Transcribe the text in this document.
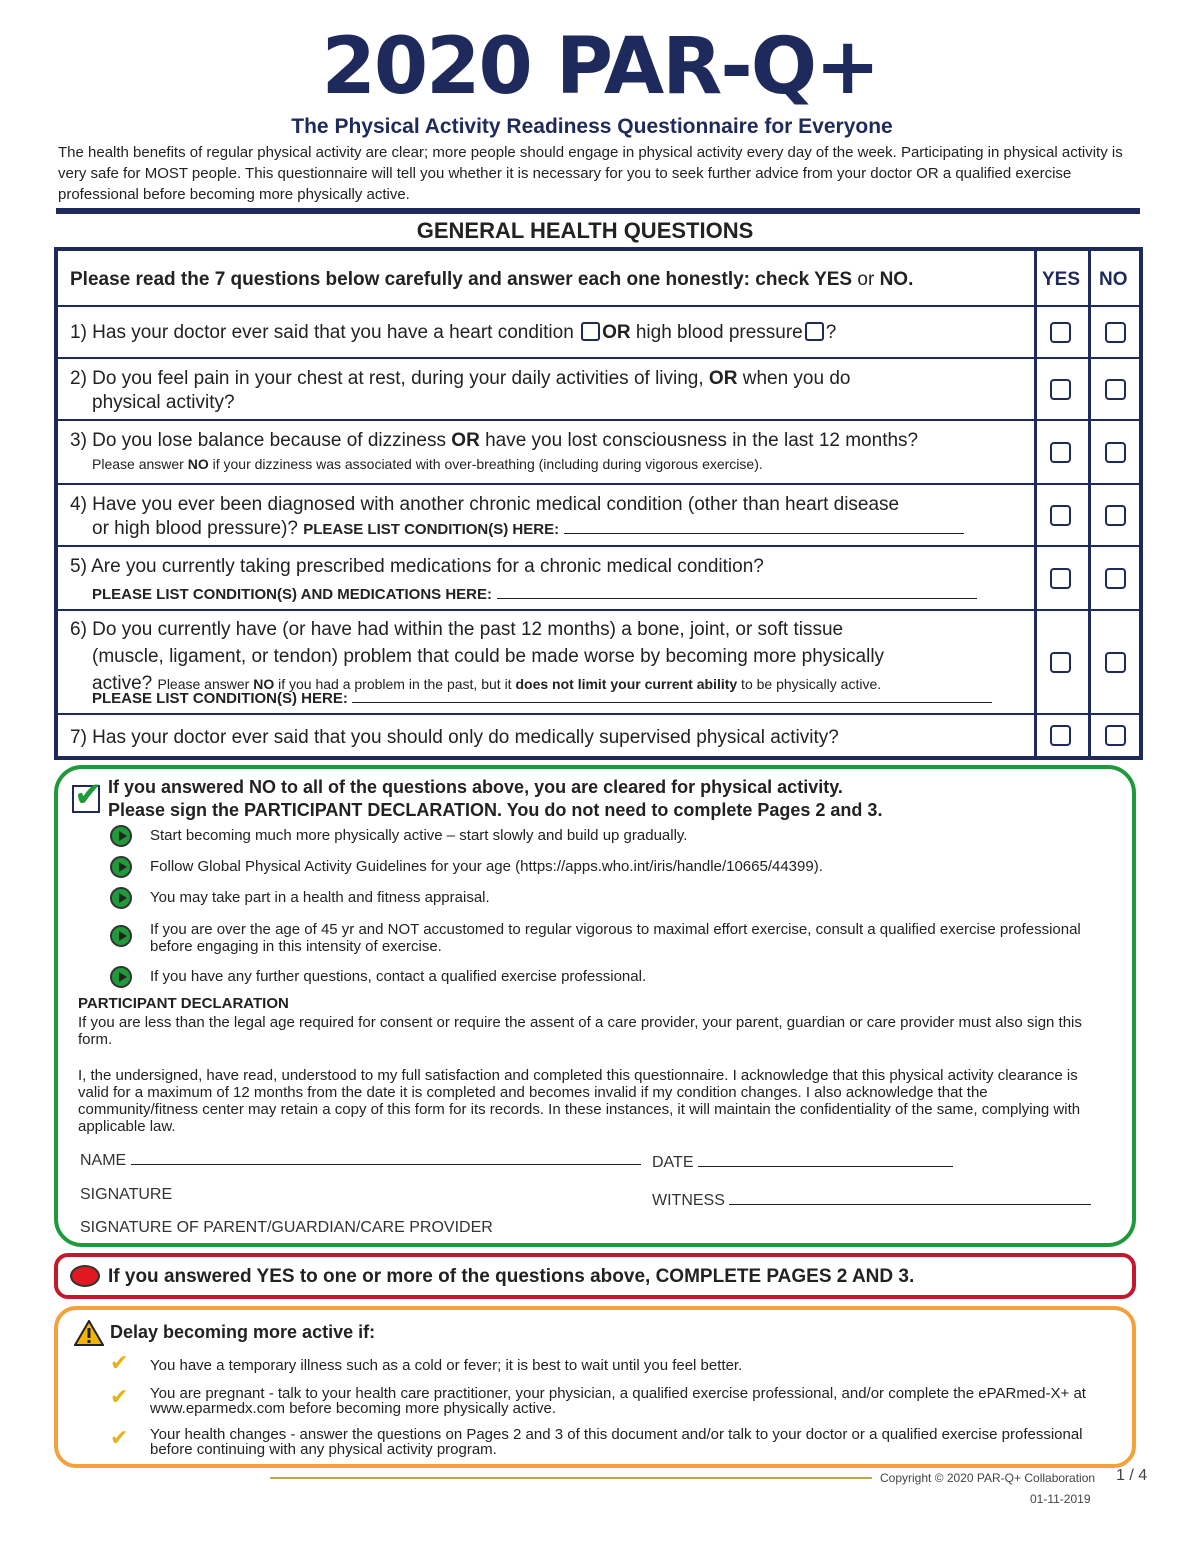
2020 PAR-Q+
The Physical Activity Readiness Questionnaire for Everyone
The health benefits of regular physical activity are clear; more people should engage in physical activity every day of the week. Participating in physical activity is very safe for MOST people. This questionnaire will tell you whether it is necessary for you to seek further advice from your doctor OR a qualified exercise professional before becoming more physically active.
GENERAL HEALTH QUESTIONS
Please read the 7 questions below carefully and answer each one honestly: check YES or NO.	YES NO
1) Has your doctor ever said that you have a heart condition OR high blood pressure ?
2) Do you feel pain in your chest at rest, during your daily activities of living, OR when you do
physical activity?
3) Do you lose balance because of dizziness OR have you lost consciousness in the last 12 months?
Please answer NO if your dizziness was associated with over-breathing (including during vigorous exercise).
4) Have you ever been diagnosed with another chronic medical condition (other than heart disease
or high blood pressure)? PLEASE LIST CONDITION(S) HERE:
5) Are you currently taking prescribed medications for a chronic medical condition?
PLEASE LIST CONDITION(S) AND MEDICATIONS HERE:
6) Do you currently have (or have had within the past 12 months) a bone, joint, or soft tissue
(muscle, ligament, or tendon) problem that could be made worse by becoming more physically
active? Please answer NO if you had a problem in the past, but it does not limit your current ability to be physically active.
PLEASE LIST CONDITION(S) HERE:
7) Has your doctor ever said that you should only do medically supervised physical activity?
✔
If you answered NO to all of the questions above, you are cleared for physical activity.
Please sign the PARTICIPANT DECLARATION. You do not need to complete Pages 2 and 3.
Start becoming much more physically active – start slowly and build up gradually.
Follow Global Physical Activity Guidelines for your age (https://apps.who.int/iris/handle/10665/44399).
You may take part in a health and fitness appraisal.
If you are over the age of 45 yr and NOT accustomed to regular vigorous to maximal effort exercise, consult a qualified exercise professional before engaging in this intensity of exercise.
If you have any further questions, contact a qualified exercise professional.
PARTICIPANT DECLARATION
If you are less than the legal age required for consent or require the assent of a care provider, your parent, guardian or care provider must also sign this form.
I, the undersigned, have read, understood to my full satisfaction and completed this questionnaire. I acknowledge that this physical activity clearance is valid for a maximum of 12 months from the date it is completed and becomes invalid if my condition changes. I also acknowledge that the community/fitness center may retain a copy of this form for its records. In these instances, it will maintain the confidentiality of the same, complying with applicable law.
NAME	DATE
SIGNATURE	WITNESS
SIGNATURE OF PARENT/GUARDIAN/CARE PROVIDER
If you answered YES to one or more of the questions above, COMPLETE PAGES 2 AND 3.
Delay becoming more active if:
✔ You have a temporary illness such as a cold or fever; it is best to wait until you feel better.
✔ You are pregnant - talk to your health care practitioner, your physician, a qualified exercise professional, and/or complete the ePARmed-X+ at www.eparmedx.com before becoming more physically active.
✔ Your health changes - answer the questions on Pages 2 and 3 of this document and/or talk to your doctor or a qualified exercise professional before continuing with any physical activity program.
Copyright © 2020 PAR-Q+ Collaboration 1 / 4
01-11-2019
